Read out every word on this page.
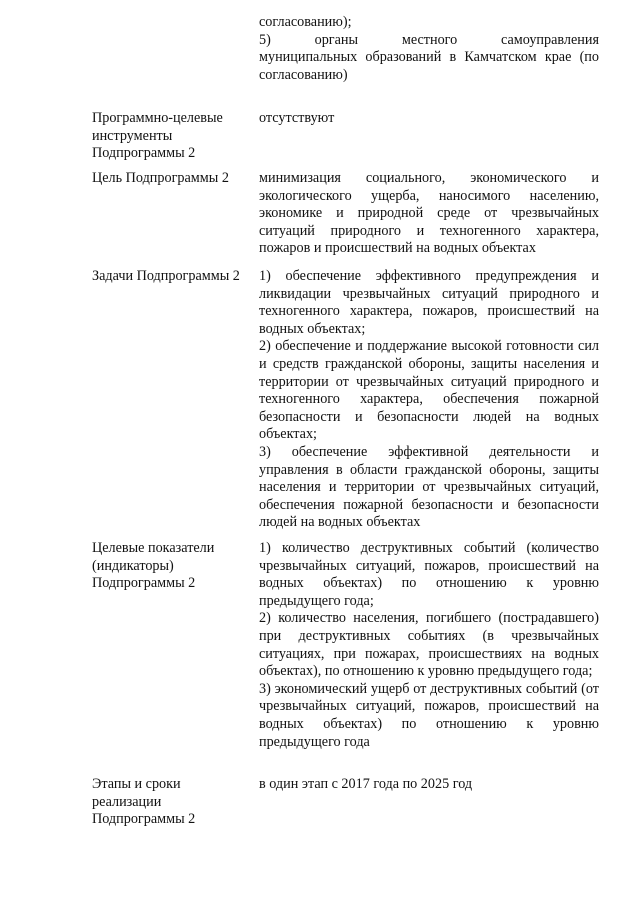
согласованию);

5)        органы        местного        самоуправления муниципальных образований в Камчатском крае (по согласованию)

Программно-целевые
инструменты
Подпрограммы 2

отсутствуют

Цель Подпрограммы 2	минимизация социального, экономического и экологического ущерба, наносимого населению, экономике и природной среде от чрезвычайных ситуаций природного и техногенного характера, пожаров и происшествий на водных объектах

Задачи Подпрограммы 2	1) обеспечение эффективного предупреждения и ликвидации чрезвычайных ситуаций природного и техногенного характера, пожаров, происшествий на водных объектах;

2) обеспечение и поддержание высокой готовности сил и средств гражданской обороны, защиты населения и территории от чрезвычайных ситуаций природного и техногенного характера, обеспечения пожарной безопасности и безопасности людей на водных объектах;

3) обеспечение эффективной деятельности и управления в области гражданской обороны, защиты населения и территории от чрезвычайных ситуаций, обеспечения пожарной безопасности и безопасности людей на водных объектах

Целевые показатели
(индикаторы)
Подпрограммы 2

1) количество деструктивных событий (количество чрезвычайных ситуаций, пожаров, происшествий на водных объектах) по отношению к уровню предыдущего года;

2) количество населения, погибшего (пострадавшего) при деструктивных событиях (в чрезвычайных ситуациях, при пожарах, происшествиях на водных объектах), по отношению к уровню предыдущего года;

3) экономический ущерб от деструктивных событий (от чрезвычайных ситуаций, пожаров, происшествий на водных объектах) по отношению к уровню предыдущего года

Этапы и сроки
реализации
Подпрограммы 2

в один этап с 2017 года по 2025 год
